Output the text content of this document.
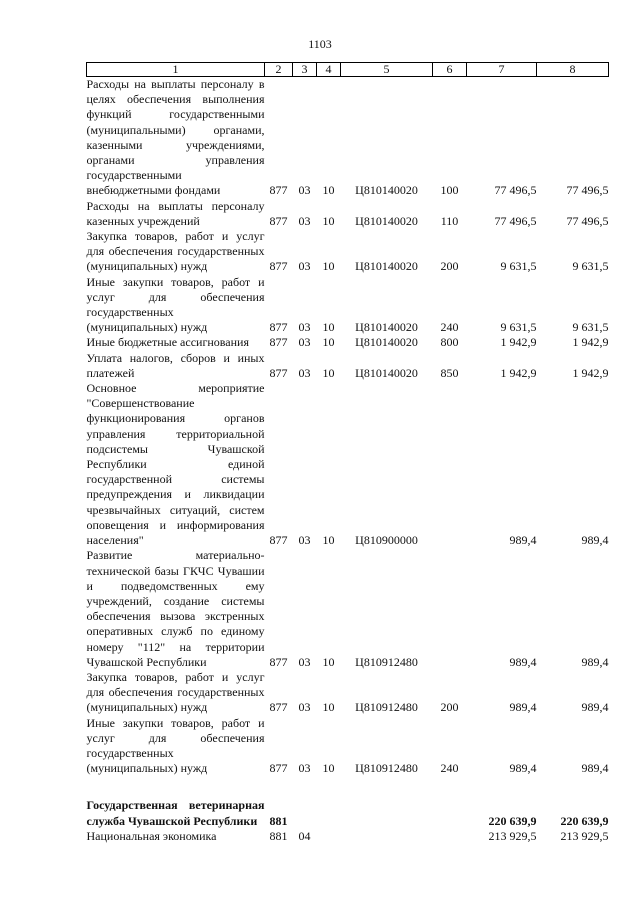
1103
1	2	3	4	5	6	7	8
Расходы на выплаты персоналу в целях обеспечения выполнения функций государственными (муниципальными) органами, казенными учреждениями, органами управления государственными внебюджетными фондами	877	03	10	Ц810140020	100	77 496,5	77 496,5
Расходы на выплаты персоналу казенных учреждений	877	03	10	Ц810140020	110	77 496,5	77 496,5
Закупка товаров, работ и услуг для обеспечения государственных (муниципальных) нужд	877	03	10	Ц810140020	200	9 631,5	9 631,5
Иные закупки товаров, работ и услуг для обеспечения государственных (муниципальных) нужд	877	03	10	Ц810140020	240	9 631,5	9 631,5
Иные бюджетные ассигнования	877	03	10	Ц810140020	800	1 942,9	1 942,9
Уплата налогов, сборов и иных платежей	877	03	10	Ц810140020	850	1 942,9	1 942,9
Основное мероприятие "Совершенствование функционирования органов управления территориальной подсистемы Чувашской Республики единой государственной системы предупреждения и ликвидации чрезвычайных ситуаций, систем оповещения и информирования населения"	877	03	10	Ц810900000		989,4	989,4
Развитие материально-технической базы ГКЧС Чувашии и подведомственных ему учреждений, создание системы обеспечения вызова экстренных оперативных служб по единому номеру "112" на территории Чувашской Республики	877	03	10	Ц810912480		989,4	989,4
Закупка товаров, работ и услуг для обеспечения государственных (муниципальных) нужд	877	03	10	Ц810912480	200	989,4	989,4
Иные закупки товаров, работ и услуг для обеспечения государственных (муниципальных) нужд	877	03	10	Ц810912480	240	989,4	989,4

Государственная ветеринарная служба Чувашской Республики	881					220 639,9	220 639,9
Национальная экономика	881	04				213 929,5	213 929,5
